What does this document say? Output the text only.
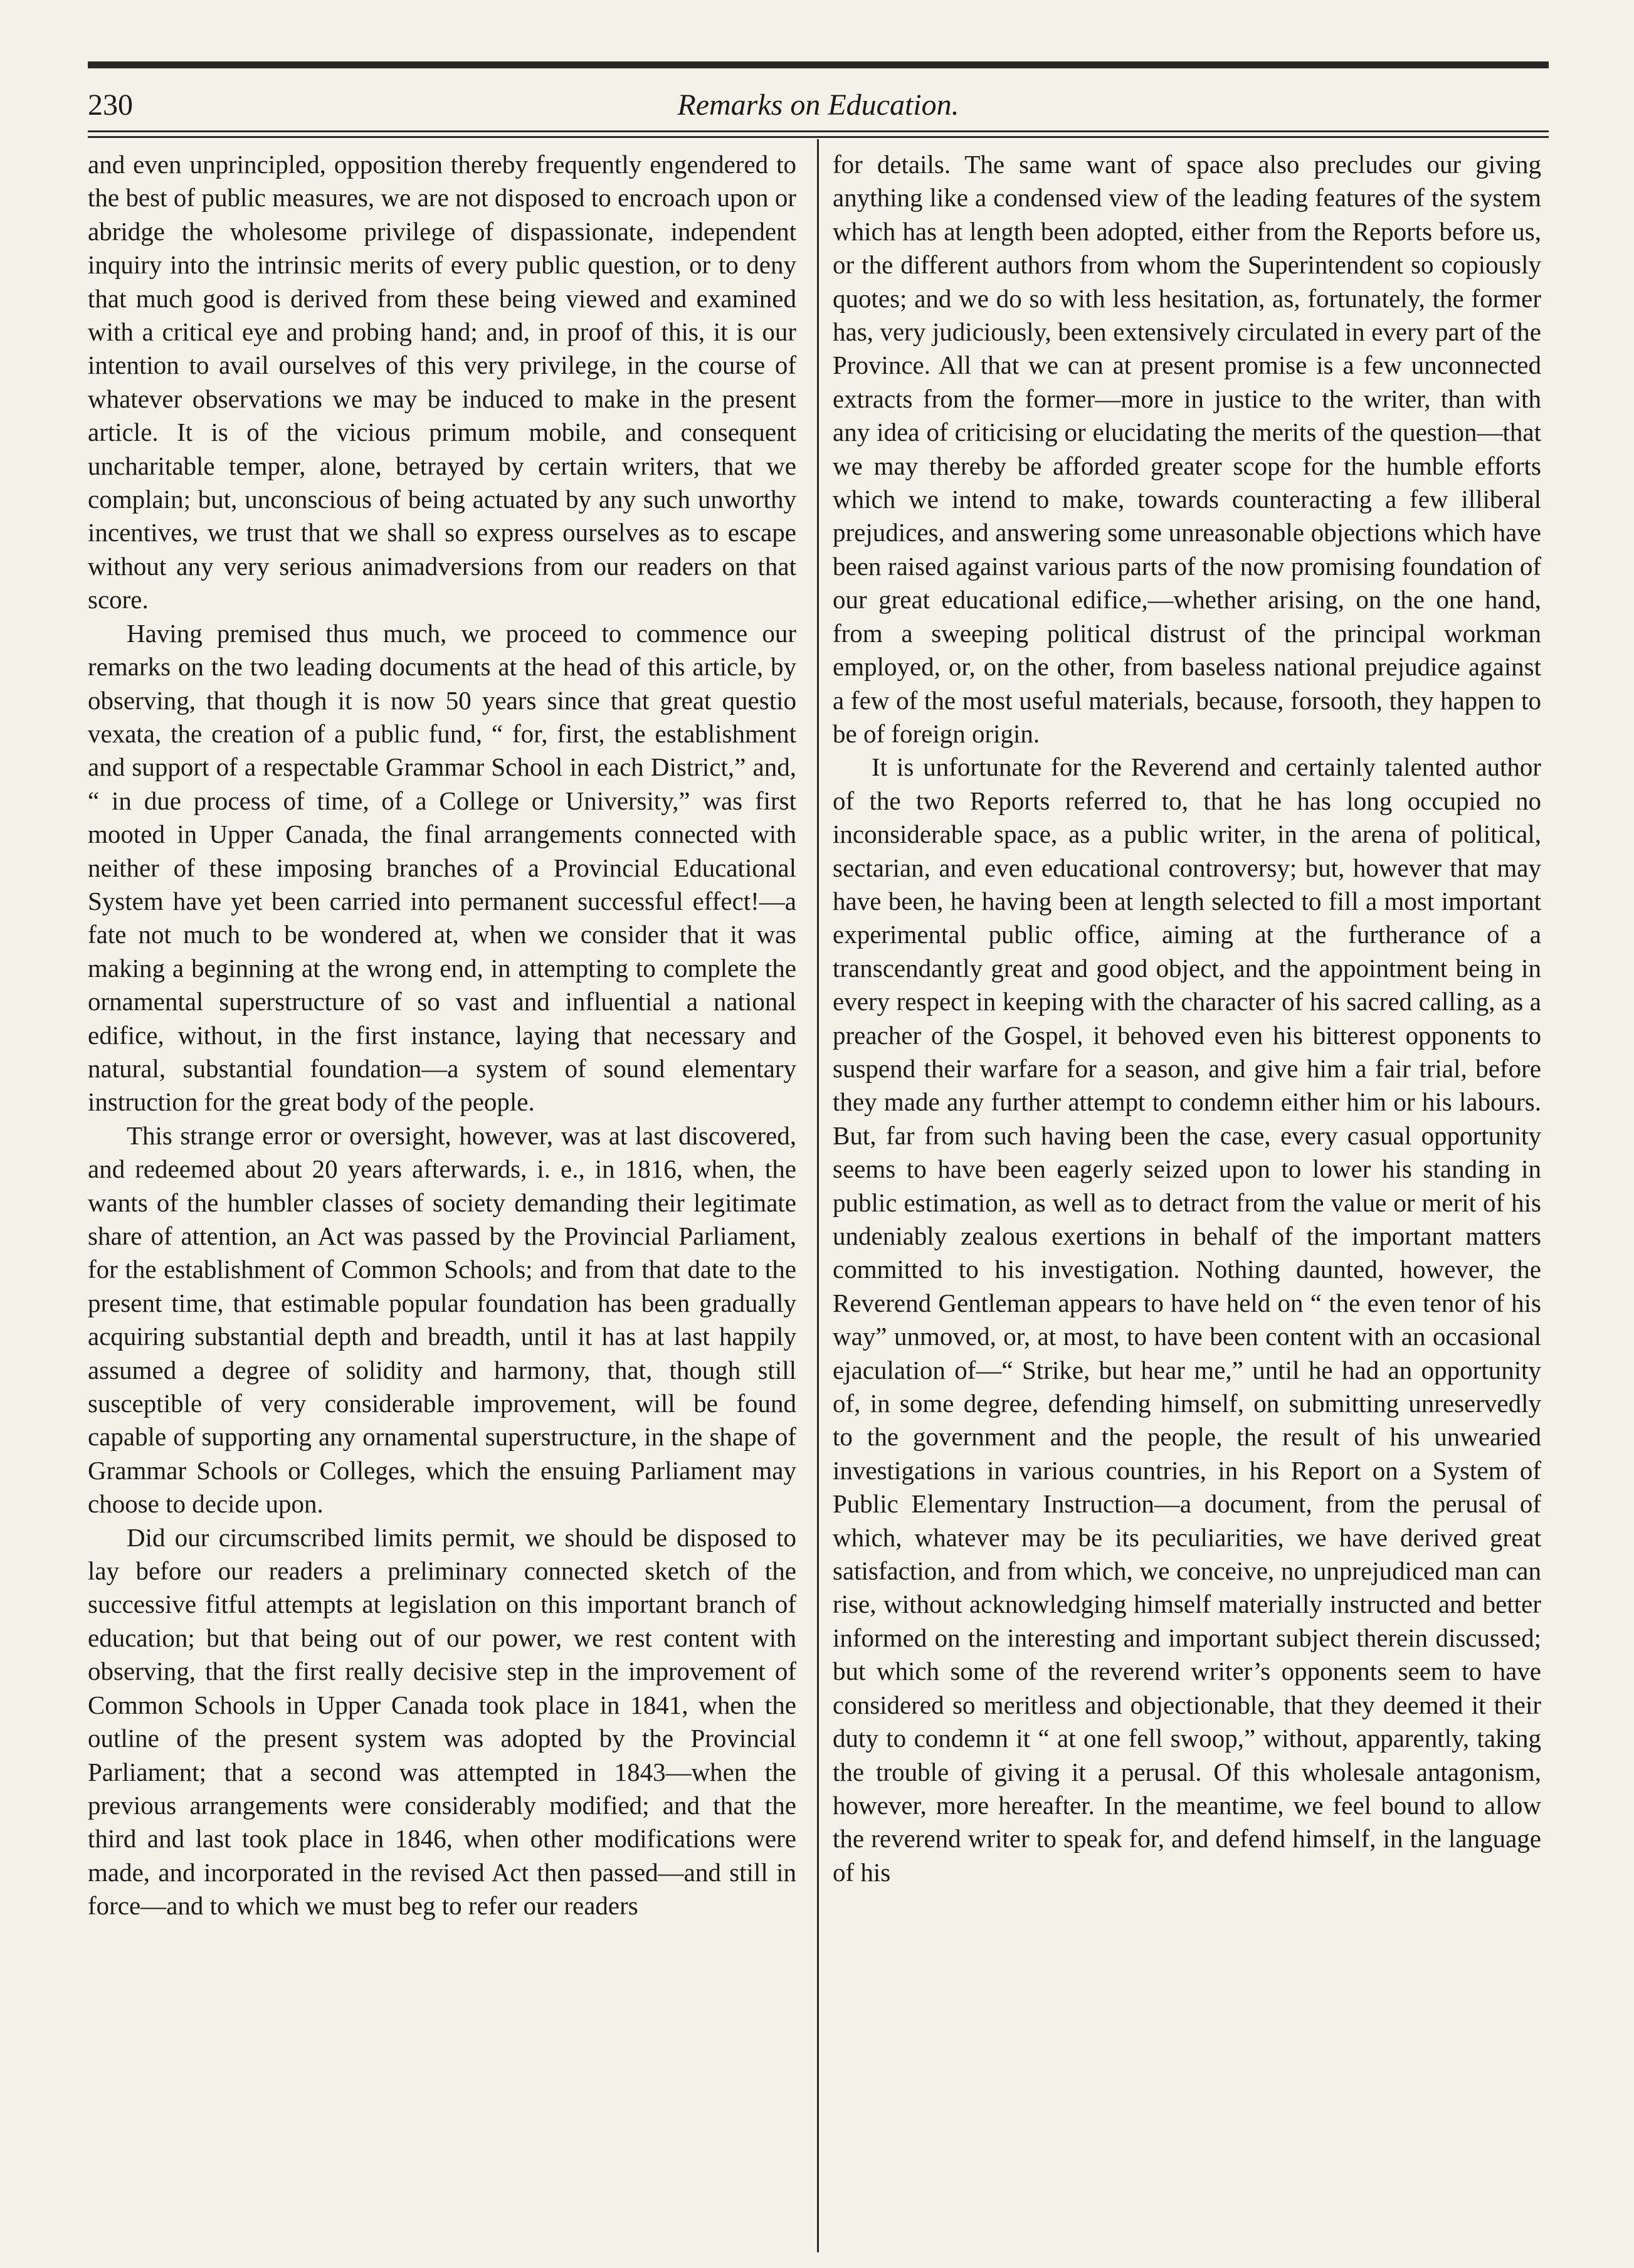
230	Remarks on Education.

and even unprincipled, opposition thereby frequently engendered to the best of public measures, we are not disposed to encroach upon or abridge the wholesome privilege of dispassionate, independent inquiry into the intrinsic merits of every public question, or to deny that much good is derived from these being viewed and examined with a critical eye and probing hand; and, in proof of this, it is our intention to avail ourselves of this very privilege, in the course of whatever observations we may be induced to make in the present article. It is of the vicious primum mobile, and consequent uncharitable temper, alone, betrayed by certain writers, that we complain; but, unconscious of being actuated by any such unworthy incentives, we trust that we shall so express ourselves as to escape without any very serious animadversions from our readers on that score.

Having premised thus much, we proceed to commence our remarks on the two leading documents at the head of this article, by observing, that though it is now 50 years since that great questio vexata, the creation of a public fund, “ for, first, the establishment and support of a respectable Grammar School in each District,” and, “ in due process of time, of a College or University,” was first mooted in Upper Canada, the final arrangements connected with neither of these imposing branches of a Provincial Educational System have yet been carried into permanent successful effect!—a fate not much to be wondered at, when we consider that it was making a beginning at the wrong end, in attempting to complete the ornamental superstructure of so vast and influential a national edifice, without, in the first instance, laying that necessary and natural, substantial foundation—a system of sound elementary instruction for the great body of the people.

This strange error or oversight, however, was at last discovered, and redeemed about 20 years afterwards, i. e., in 1816, when, the wants of the humbler classes of society demanding their legitimate share of attention, an Act was passed by the Provincial Parliament, for the establishment of Common Schools; and from that date to the present time, that estimable popular foundation has been gradually acquiring substantial depth and breadth, until it has at last happily assumed a degree of solidity and harmony, that, though still susceptible of very considerable improvement, will be found capable of supporting any ornamental superstructure, in the shape of Grammar Schools or Colleges, which the ensuing Parliament may choose to decide upon.

Did our circumscribed limits permit, we should be disposed to lay before our readers a preliminary connected sketch of the successive fitful attempts at legislation on this important branch of education; but that being out of our power, we rest content with observing, that the first really decisive step in the improvement of Common Schools in Upper Canada took place in 1841, when the outline of the present system was adopted by the Provincial Parliament; that a second was attempted in 1843—when the previous arrangements were considerably modified; and that the third and last took place in 1846, when other modifications were made, and incorporated in the revised Act then passed—and still in force—and to which we must beg to refer our readers

for details. The same want of space also precludes our giving anything like a condensed view of the leading features of the system which has at length been adopted, either from the Reports before us, or the different authors from whom the Superintendent so copiously quotes; and we do so with less hesitation, as, fortunately, the former has, very judiciously, been extensively circulated in every part of the Province. All that we can at present promise is a few unconnected extracts from the former—more in justice to the writer, than with any idea of criticising or elucidating the merits of the question—that we may thereby be afforded greater scope for the humble efforts which we intend to make, towards counteracting a few illiberal prejudices, and answering some unreasonable objections which have been raised against various parts of the now promising foundation of our great educational edifice,—whether arising, on the one hand, from a sweeping political distrust of the principal workman employed, or, on the other, from baseless national prejudice against a few of the most useful materials, because, forsooth, they happen to be of foreign origin.

It is unfortunate for the Reverend and certainly talented author of the two Reports referred to, that he has long occupied no inconsiderable space, as a public writer, in the arena of political, sectarian, and even educational controversy; but, however that may have been, he having been at length selected to fill a most important experimental public office, aiming at the furtherance of a transcendantly great and good object, and the appointment being in every respect in keeping with the character of his sacred calling, as a preacher of the Gospel, it behoved even his bitterest opponents to suspend their warfare for a season, and give him a fair trial, before they made any further attempt to condemn either him or his labours. But, far from such having been the case, every casual opportunity seems to have been eagerly seized upon to lower his standing in public estimation, as well as to detract from the value or merit of his undeniably zealous exertions in behalf of the important matters committed to his investigation. Nothing daunted, however, the Reverend Gentleman appears to have held on “ the even tenor of his way” unmoved, or, at most, to have been content with an occasional ejaculation of—“ Strike, but hear me,” until he had an opportunity of, in some degree, defending himself, on submitting unreservedly to the government and the people, the result of his unwearied investigations in various countries, in his Report on a System of Public Elementary Instruction—a document, from the perusal of which, whatever may be its peculiarities, we have derived great satisfaction, and from which, we conceive, no unprejudiced man can rise, without acknowledging himself materially instructed and better informed on the interesting and important subject therein discussed; but which some of the reverend writer’s opponents seem to have considered so meritless and objectionable, that they deemed it their duty to condemn it “ at one fell swoop,” without, apparently, taking the trouble of giving it a perusal. Of this wholesale antagonism, however, more hereafter. In the meantime, we feel bound to allow the reverend writer to speak for, and defend himself, in the language of his
